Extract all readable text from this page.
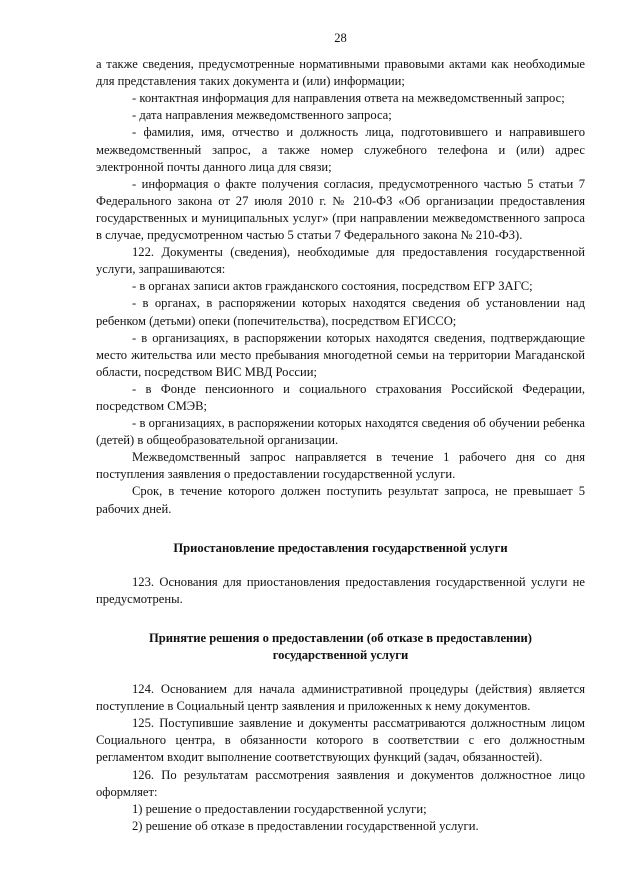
28

а также сведения, предусмотренные нормативными правовыми актами как необходимые для представления таких документа и (или) информации;

- контактная информация для направления ответа на межведомственный запрос;

- дата направления межведомственного запроса;

- фамилия, имя, отчество и должность лица, подготовившего и направившего межведомственный запрос, а также номер служебного телефона и (или) адрес электронной почты данного лица для связи;

- информация о факте получения согласия, предусмотренного частью 5 статьи 7 Федерального закона от 27 июля 2010 г. № 210-ФЗ «Об организации предоставления государственных и муниципальных услуг» (при направлении межведомственного запроса в случае, предусмотренном частью 5 статьи 7 Федерального закона № 210-ФЗ).

122. Документы (сведения), необходимые для предоставления государственной услуги, запрашиваются:

- в органах записи актов гражданского состояния, посредством ЕГР ЗАГС;

- в органах, в распоряжении которых находятся сведения об установлении над ребенком (детьми) опеки (попечительства), посредством ЕГИССО;

- в организациях, в распоряжении которых находятся сведения, подтверждающие место жительства или место пребывания многодетной семьи на территории Магаданской области, посредством ВИС МВД России;

- в Фонде пенсионного и социального страхования Российской Федерации, посредством СМЭВ;

- в организациях, в распоряжении которых находятся сведения об обучении ребенка (детей) в общеобразовательной организации.

Межведомственный запрос направляется в течение 1 рабочего дня со дня поступления заявления о предоставлении государственной услуги.

Срок, в течение которого должен поступить результат запроса, не превышает 5 рабочих дней.

Приостановление предоставления государственной услуги

123. Основания для приостановления предоставления государственной услуги не предусмотрены.

Принятие решения о предоставлении (об отказе в предоставлении)

государственной услуги

124. Основанием для начала административной процедуры (действия) является поступление в Социальный центр заявления и приложенных к нему документов.

125. Поступившие заявление и документы рассматриваются должностным лицом Социального центра, в обязанности которого в соответствии с его должностным регламентом входит выполнение соответствующих функций (задач, обязанностей).

126. По результатам рассмотрения заявления и документов должностное лицо оформляет:

1) решение о предоставлении государственной услуги;

2) решение об отказе в предоставлении государственной услуги.
